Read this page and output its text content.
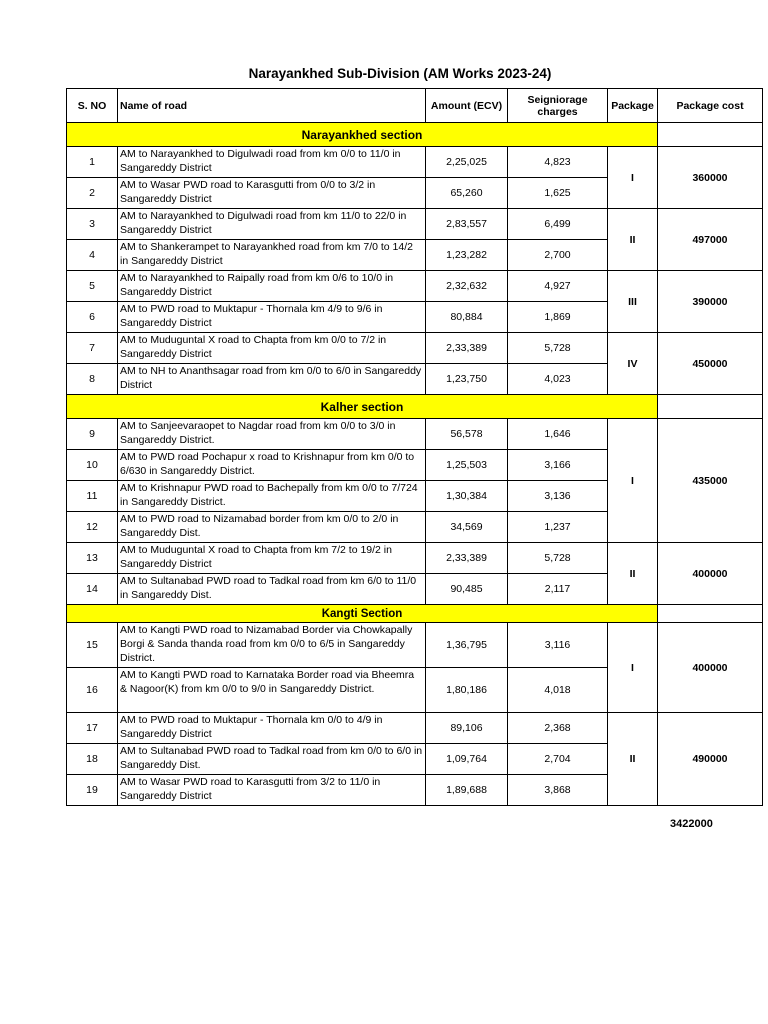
Narayankhed Sub-Division (AM Works 2023-24)
S. NO	Name of road	Amount (ECV)	Seigniorage charges	Package	Package cost
Narayankhed section					
1	AM to Narayankhed to Digulwadi road from km 0/0 to 11/0 in Sangareddy District	2,25,025	4,823	I	360000
2	AM to Wasar PWD road to Karasgutti from 0/0 to 3/2 in Sangareddy District	65,260	1,625		
3	AM to Narayankhed to Digulwadi road from km 11/0 to 22/0 in Sangareddy District	2,83,557	6,499	II	497000
4	AM to Shankerampet to Narayankhed road from km 7/0 to 14/2 in Sangareddy District	1,23,282	2,700		
5	AM to Narayankhed to Raipally road from km 0/6 to 10/0 in Sangareddy District	2,32,632	4,927	III	390000
6	AM to PWD road to Muktapur - Thornala km 4/9 to 9/6 in Sangareddy District	80,884	1,869		
7	AM to Muduguntal X road to Chapta from km 0/0 to 7/2 in Sangareddy District	2,33,389	5,728	IV	450000
8	AM to NH to Ananthsagar road from km 0/0 to 6/0 in Sangareddy District	1,23,750	4,023		
Kalher section					
9	AM to Sanjeevaraopet to Nagdar road from km 0/0 to 3/0 in Sangareddy District.	56,578	1,646	I	435000
10	AM to PWD road Pochapur x road to Krishnapur from km 0/0 to 6/630 in Sangareddy District.	1,25,503	3,166		
11	AM to Krishnapur PWD road to Bachepally from km 0/0 to 7/724 in Sangareddy District.	1,30,384	3,136		
12	AM to PWD road to Nizamabad border from km 0/0 to 2/0 in Sangareddy Dist.	34,569	1,237		
13	AM to Muduguntal X road to Chapta from km 7/2 to 19/2 in Sangareddy District	2,33,389	5,728	II	400000
14	AM to Sultanabad PWD road to Tadkal road from km 6/0 to 11/0 in Sangareddy Dist.	90,485	2,117		
Kangti Section					
15	AM to Kangti PWD road to Nizamabad Border via Chowkapally Borgi & Sanda thanda road from km 0/0 to 6/5 in Sangareddy District.	1,36,795	3,116	I	400000
16	AM to Kangti PWD road to Karnataka Border road via Bheemra & Nagoor(K) from km 0/0 to 9/0 in Sangareddy District.	1,80,186	4,018		
17	AM to PWD road to Muktapur - Thornala km 0/0 to 4/9 in Sangareddy District	89,106	2,368	II	490000
18	AM to Sultanabad PWD road to Tadkal road from km 0/0 to 6/0 in Sangareddy Dist.	1,09,764	2,704		
19	AM to Wasar PWD road to Karasgutti from 3/2 to 11/0 in Sangareddy District	1,89,688	3,868		
3422000
